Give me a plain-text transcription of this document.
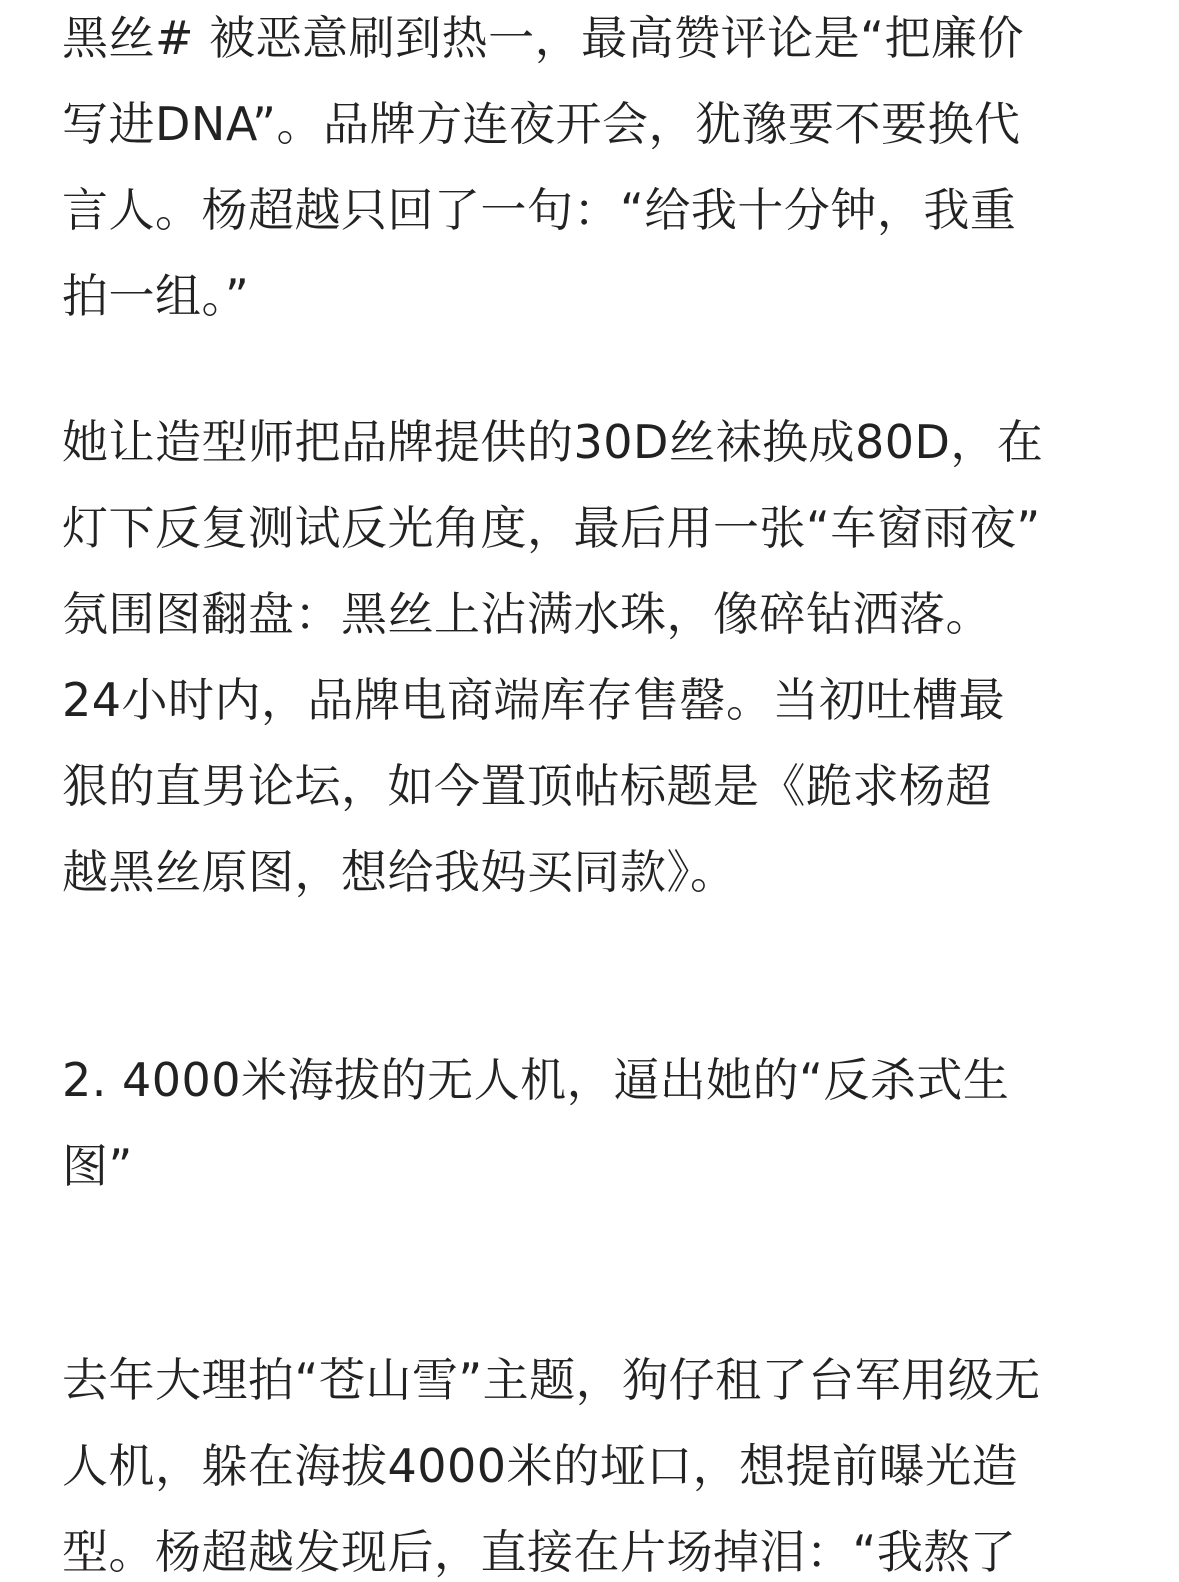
黑丝# 被恶意刷到热一，最高赞评论是“把廉价
写进DNA”。品牌方连夜开会，犹豫要不要换代
言人。杨超越只回了一句：“给我十分钟，我重
拍一组。”
她让造型师把品牌提供的30D丝袜换成80D，在
灯下反复测试反光角度，最后用一张“车窗雨夜”
氛围图翻盘：黑丝上沾满水珠，像碎钻洒落。
24小时内，品牌电商端库存售罄。当初吐槽最
狠的直男论坛，如今置顶帖标题是《跪求杨超
越黑丝原图，想给我妈买同款》。
2. 4000米海拔的无人机，逼出她的“反杀式生
图”
去年大理拍“苍山雪”主题，狗仔租了台军用级无
人机，躲在海拔4000米的垭口，想提前曝光造
型。杨超越发现后，直接在片场掉泪：“我熬了
